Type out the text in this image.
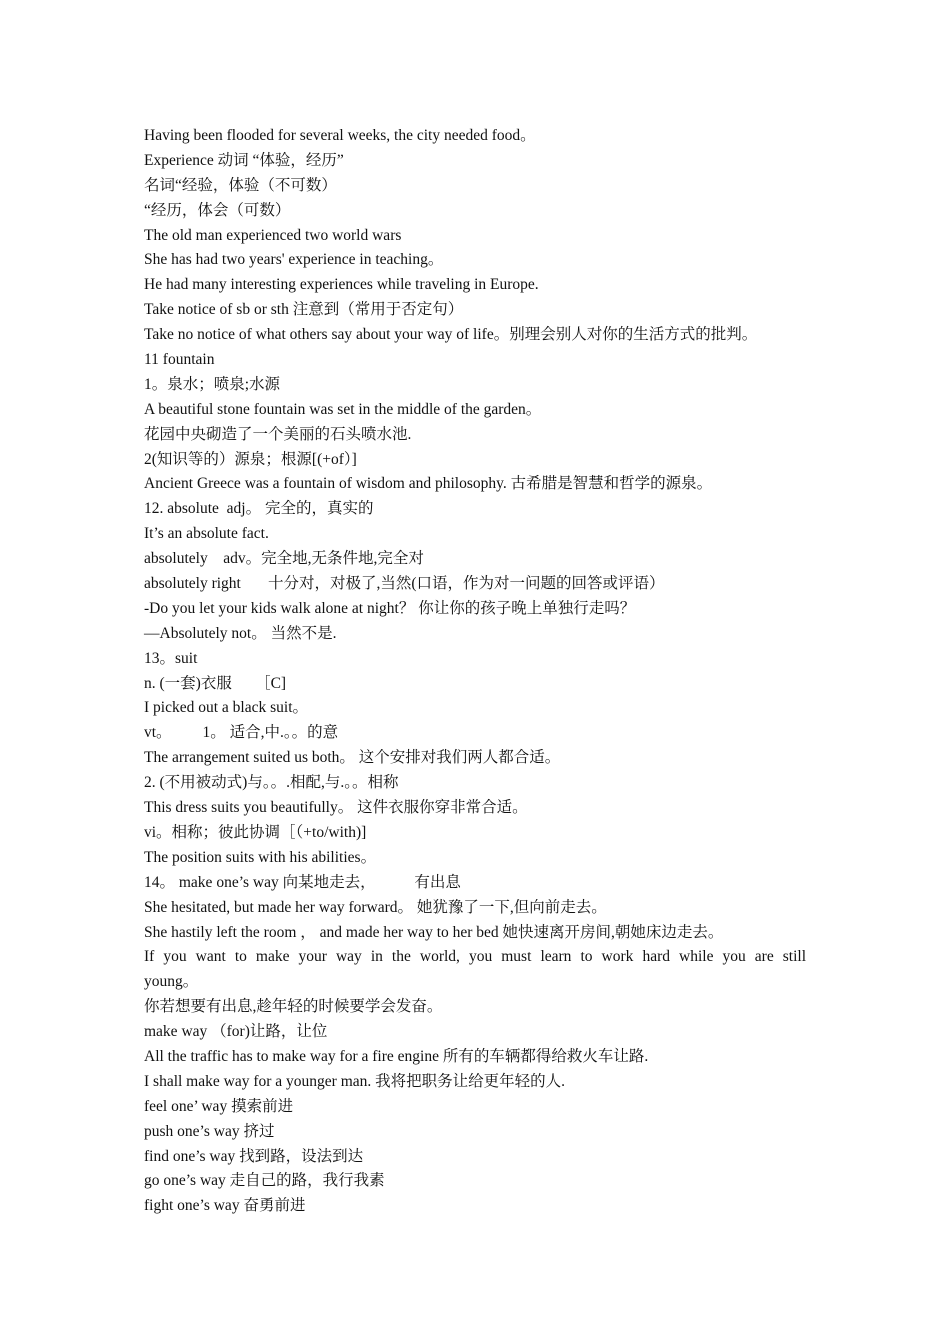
Having been flooded for several weeks, the city needed food。
Experience 动词 “体验，经历”
名词“经验，体验（不可数）
“经历，体会（可数）
The old man experienced two world wars
She has had two years' experience in teaching。
He had many interesting experiences while traveling in Europe.
Take notice of sb or sth 注意到（常用于否定句）
Take no notice of what others say about your way of life。别理会别人对你的生活方式的批判。
11 fountain
1。泉水；喷泉;水源
A beautiful stone fountain was set in the middle of the garden。
花园中央砌造了一个美丽的石头喷水池.
2(知识等的）源泉；根源[(+of）]
Ancient Greece was a fountain of wisdom and philosophy. 古希腊是智慧和哲学的源泉。
12. absolute  adj。 完全的，真实的
It’s an absolute fact.
absolutely    adv。完全地,无条件地,完全对
absolutely right       十分对，对极了,当然(口语，作为对一问题的回答或评语）
-Do you let your kids walk alone at night？ 你让你的孩子晚上单独行走吗？
—Absolutely not。 当然不是.
13。suit
n. (一套)衣服      ［C]
I picked out a black suit。
vt。        1。 适合,中.。。的意
The arrangement suited us both。 这个安排对我们两人都合适。
2. (不用被动式)与。。.相配,与.。。相称
This dress suits you beautifully。 这件衣服你穿非常合适。
vi。相称；彼此协调［（+to/with)]
The position suits with his abilities。
14。 make one’s way 向某地走去，          有出息
She hesitated, but made her way forward。 她犹豫了一下,但向前走去。
She hastily left the room ， and made her way to her bed 她快速离开房间,朝她床边走去。
If you want to make your way in the world, you must learn to work hard while you are still
young。
你若想要有出息,趁年轻的时候要学会发奋。
make way （for)让路，让位
All the traffic has to make way for a fire engine 所有的车辆都得给救火车让路.
I shall make way for a younger man. 我将把职务让给更年轻的人.
feel one’ way 摸索前进
push one’s way 挤过
find one’s way 找到路，设法到达
go one’s way 走自己的路，我行我素
fight one’s way 奋勇前进
